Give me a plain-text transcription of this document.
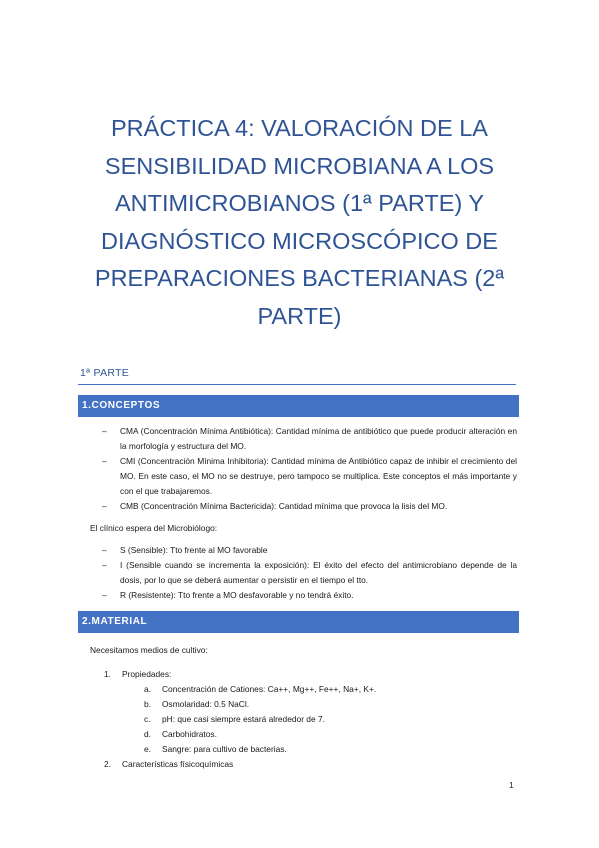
PRÁCTICA 4: VALORACIÓN DE LA SENSIBILIDAD MICROBIANA A LOS ANTIMICROBIANOS (1ª PARTE) Y DIAGNÓSTICO MICROSCÓPICO DE PREPARACIONES BACTERIANAS (2ª PARTE)
1ª PARTE
1.CONCEPTOS
– CMA (Concentración Mínima Antibiótica): Cantidad mínima de antibiótico que puede producir alteración en la morfología y estructura del MO.
– CMI (Concentración Mínima Inhibitoria): Cantidad mínima de Antibiótico capaz de inhibir el crecimiento del MO. En este caso, el MO no se destruye, pero tampoco se multiplica. Este conceptos el más importante y con el que trabajaremos.
– CMB (Concentración Mínima Bactericida): Cantidad mínima que provoca la lisis del MO.
El clínico espera del Microbiólogo:
– S (Sensible): Tto frente al MO favorable
– I (Sensible cuando se incrementa la exposición): El éxito del efecto del antimicrobiano depende de la dosis, por lo que se deberá aumentar o persistir en el tiempo el tto.
– R (Resistente): Tto frente a MO desfavorable y no tendrá éxito.
2.MATERIAL
Necesitamos medios de cultivo:
1. Propiedades:
a. Concentración de Cationes: Ca++, Mg++, Fe++, Na+, K+.
b. Osmolaridad: 0.5 NaCl.
c. pH: que casi siempre estará alrededor de 7.
d. Carbohidratos.
e. Sangre: para cultivo de bacterias.
2. Características físicoquímicas
1
